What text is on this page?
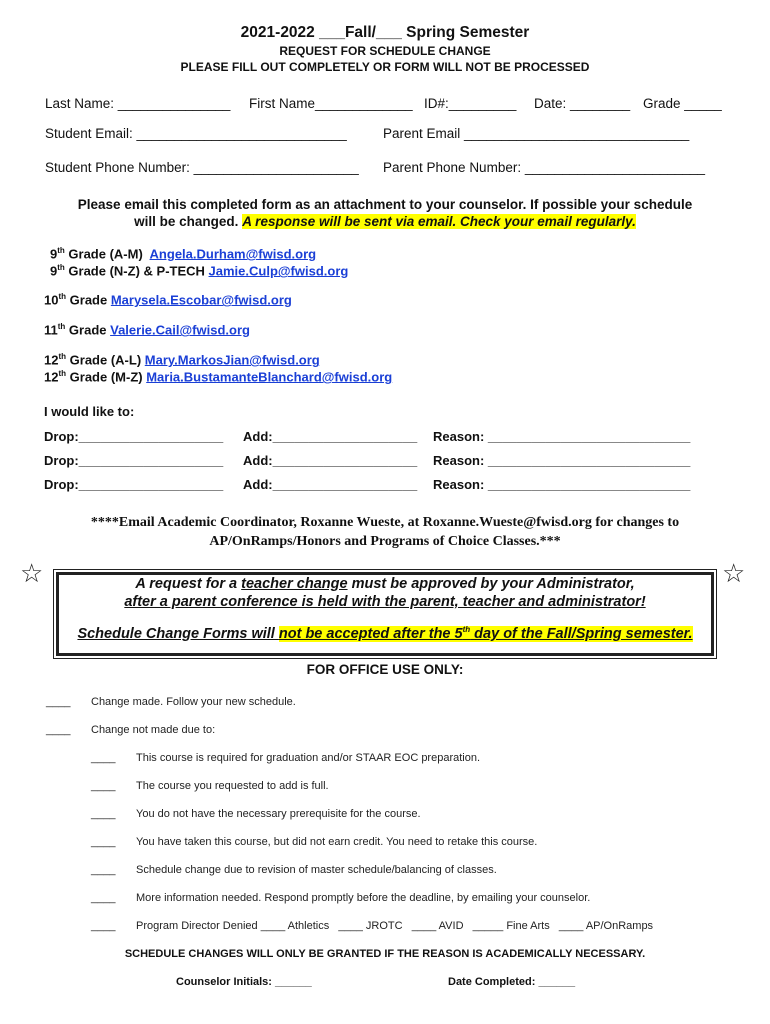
2021-2022 ___Fall/___ Spring Semester
REQUEST FOR SCHEDULE CHANGE
PLEASE FILL OUT COMPLETELY OR FORM WILL NOT BE PROCESSED
Last Name: _______________ First Name_____________ ID#:_________ Date: ________ Grade _____
Student Email: ____________________________	Parent Email ______________________________
Student Phone Number: ______________________ Parent Phone Number: ________________________
Please email this completed form as an attachment to your counselor. If possible your schedule
will be changed. A response will be sent via email. Check your email regularly.
9th Grade (A-M)  Angela.Durham@fwisd.org
9th Grade (N-Z) & P-TECH Jamie.Culp@fwisd.org
10th Grade Marysela.Escobar@fwisd.org
11th Grade Valerie.Cail@fwisd.org
12th Grade (A-L) Mary.MarkosJian@fwisd.org
12th Grade (M-Z) Maria.BustamanteBlanchard@fwisd.org
I would like to:
Drop:____________________ Add:____________________ Reason: ____________________________
Drop:____________________ Add:____________________ Reason: ____________________________
Drop:____________________ Add:____________________ Reason: ____________________________
****Email Academic Coordinator, Roxanne Wueste, at Roxanne.Wueste@fwisd.org for changes to
AP/OnRamps/Honors and Programs of Choice Classes.***
☆	☆
A request for a teacher change must be approved by your Administrator,
after a parent conference is held with the parent, teacher and administrator!
Schedule Change Forms will not be accepted after the 5th day of the Fall/Spring semester.
FOR OFFICE USE ONLY:
____ Change made. Follow your new schedule.
____ Change not made due to:
____ This course is required for graduation and/or STAAR EOC preparation.
____ The course you requested to add is full.
____ You do not have the necessary prerequisite for the course.
____ You have taken this course, but did not earn credit. You need to retake this course.
____ Schedule change due to revision of master schedule/balancing of classes.
____ More information needed. Respond promptly before the deadline, by emailing your counselor.
____ Program Director Denied ____ Athletics   ____ JROTC   ____ AVID   _____ Fine Arts   ____ AP/OnRamps
SCHEDULE CHANGES WILL ONLY BE GRANTED IF THE REASON IS ACADEMICALLY NECESSARY.
Counselor Initials: ______	Date Completed: ______
